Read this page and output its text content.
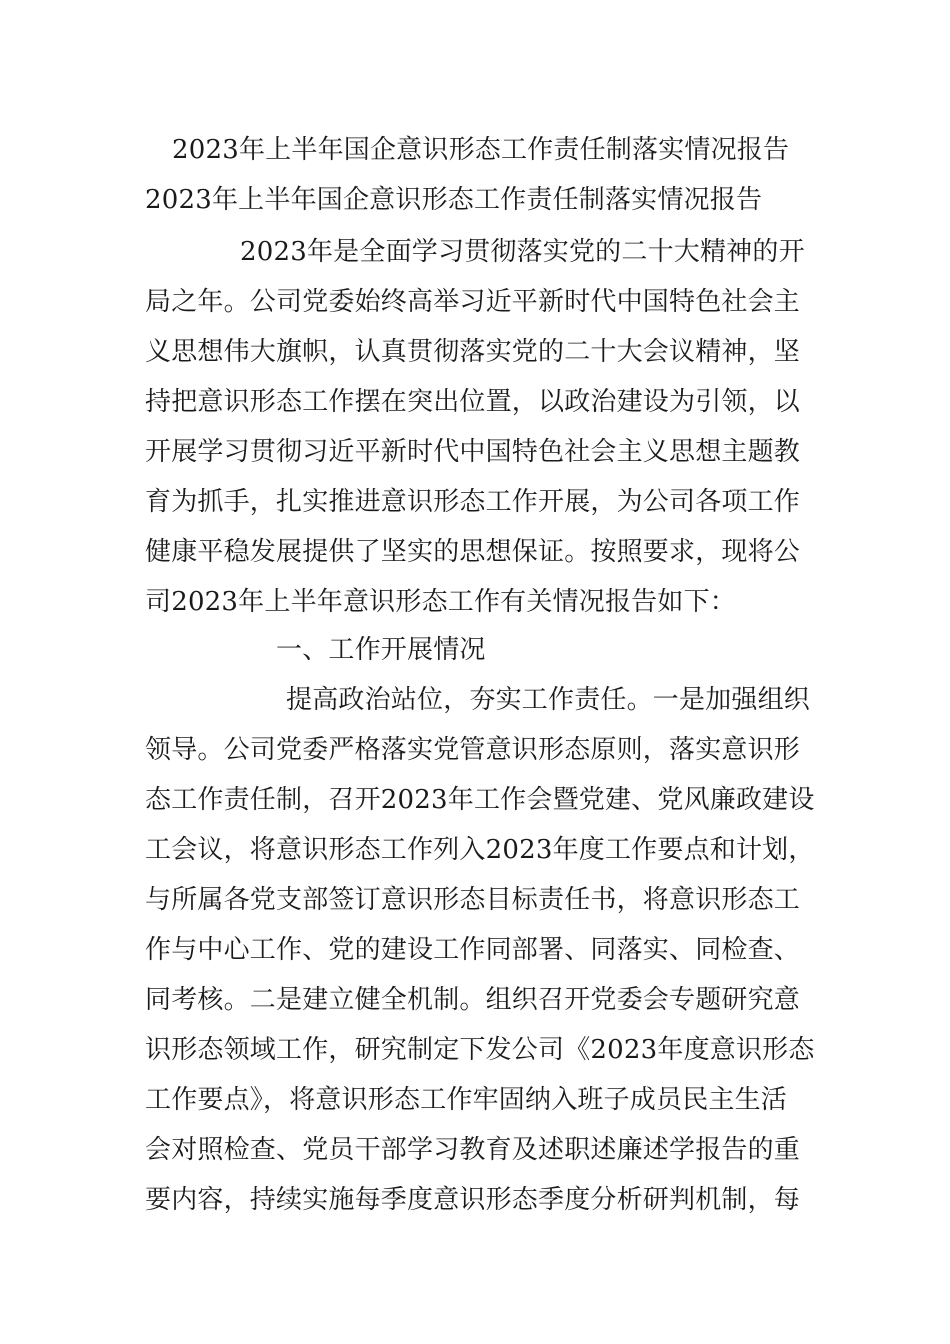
2023年上半年国企意识形态工作责任制落实情况报告
2023年上半年国企意识形态工作责任制落实情况报告
2023年是全面学习贯彻落实党的二十大精神的开
局之年。公司党委始终高举习近平新时代中国特色社会主
义思想伟大旗帜，认真贯彻落实党的二十大会议精神，坚
持把意识形态工作摆在突出位置，以政治建设为引领，以
开展学习贯彻习近平新时代中国特色社会主义思想主题教
育为抓手，扎实推进意识形态工作开展，为公司各项工作
健康平稳发展提供了坚实的思想保证。按照要求，现将公
司2023年上半年意识形态工作有关情况报告如下：
一、工作开展情况
提高政治站位，夯实工作责任。一是加强组织
领导。公司党委严格落实党管意识形态原则，落实意识形
态工作责任制，召开2023年工作会暨党建、党风廉政建设
工会议，将意识形态工作列入2023年度工作要点和计划，
与所属各党支部签订意识形态目标责任书，将意识形态工
作与中心工作、党的建设工作同部署、同落实、同检查、
同考核。二是建立健全机制。组织召开党委会专题研究意
识形态领域工作，研究制定下发公司《2023年度意识形态
工作要点》，将意识形态工作牢固纳入班子成员民主生活
会对照检查、党员干部学习教育及述职述廉述学报告的重
要内容，持续实施每季度意识形态季度分析研判机制，每
